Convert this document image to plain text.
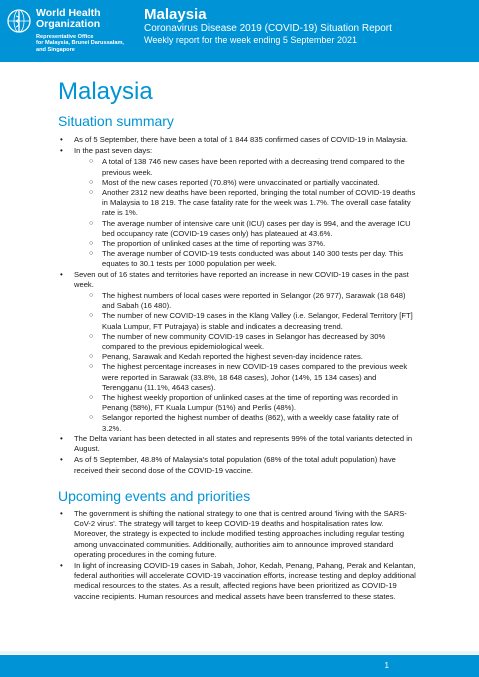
World Health
Organization
Representative Office
for Malaysia, Brunei Darussalam,
and Singapore
Malaysia
Coronavirus Disease 2019 (COVID-19) Situation Report
Weekly report for the week ending 5 September 2021
Malaysia
Situation summary
• As of 5 September, there have been a total of 1 844 835 confirmed cases of COVID-19 in Malaysia.
• In the past seven days:
○ A total of 138 746 new cases have been reported with a decreasing trend compared to the previous week.
○ Most of the new cases reported (70.8%) were unvaccinated or partially vaccinated.
○ Another 2312 new deaths have been reported, bringing the total number of COVID-19 deaths in Malaysia to 18 219. The case fatality rate for the week was 1.7%. The overall case fatality rate is 1%.
○ The average number of intensive care unit (ICU) cases per day is 994, and the average ICU bed occupancy rate (COVID-19 cases only) has plateaued at 43.6%.
○ The proportion of unlinked cases at the time of reporting was 37%.
○ The average number of COVID-19 tests conducted was about 140 300 tests per day. This equates to 30.1 tests per 1000 population per week.
• Seven out of 16 states and territories have reported an increase in new COVID-19 cases in the past week.
○ The highest numbers of local cases were reported in Selangor (26 977), Sarawak (18 648) and Sabah (16 480).
○ The number of new COVID-19 cases in the Klang Valley (i.e. Selangor, Federal Territory [FT] Kuala Lumpur, FT Putrajaya) is stable and indicates a decreasing trend.
○ The number of new community COVID-19 cases in Selangor has decreased by 30% compared to the previous epidemiological week.
○ Penang, Sarawak and Kedah reported the highest seven-day incidence rates.
○ The highest percentage increases in new COVID-19 cases compared to the previous week were reported in Sarawak (33.8%, 18 648 cases), Johor (14%, 15 134 cases) and Terengganu (11.1%, 4643 cases).
○ The highest weekly proportion of unlinked cases at the time of reporting was recorded in Penang (58%), FT Kuala Lumpur (51%) and Perlis (48%).
○ Selangor reported the highest number of deaths (862), with a weekly case fatality rate of 3.2%.
• The Delta variant has been detected in all states and represents 99% of the total variants detected in August.
• As of 5 September, 48.8% of Malaysia's total population (68% of the total adult population) have received their second dose of the COVID-19 vaccine.
Upcoming events and priorities
• The government is shifting the national strategy to one that is centred around 'living with the SARS-CoV-2 virus'. The strategy will target to keep COVID-19 deaths and hospitalisation rates low. Moreover, the strategy is expected to include modified testing approaches including regular testing among unvaccinated communities. Additionally, authorities aim to announce improved standard operating procedures in the coming future.
• In light of increasing COVID-19 cases in Sabah, Johor, Kedah, Penang, Pahang, Perak and Kelantan, federal authorities will accelerate COVID-19 vaccination efforts, increase testing and deploy additional medical resources to the states. As a result, affected regions have been prioritized as COVID-19 vaccine recipients. Human resources and medical assets have been transferred to these states.
1
